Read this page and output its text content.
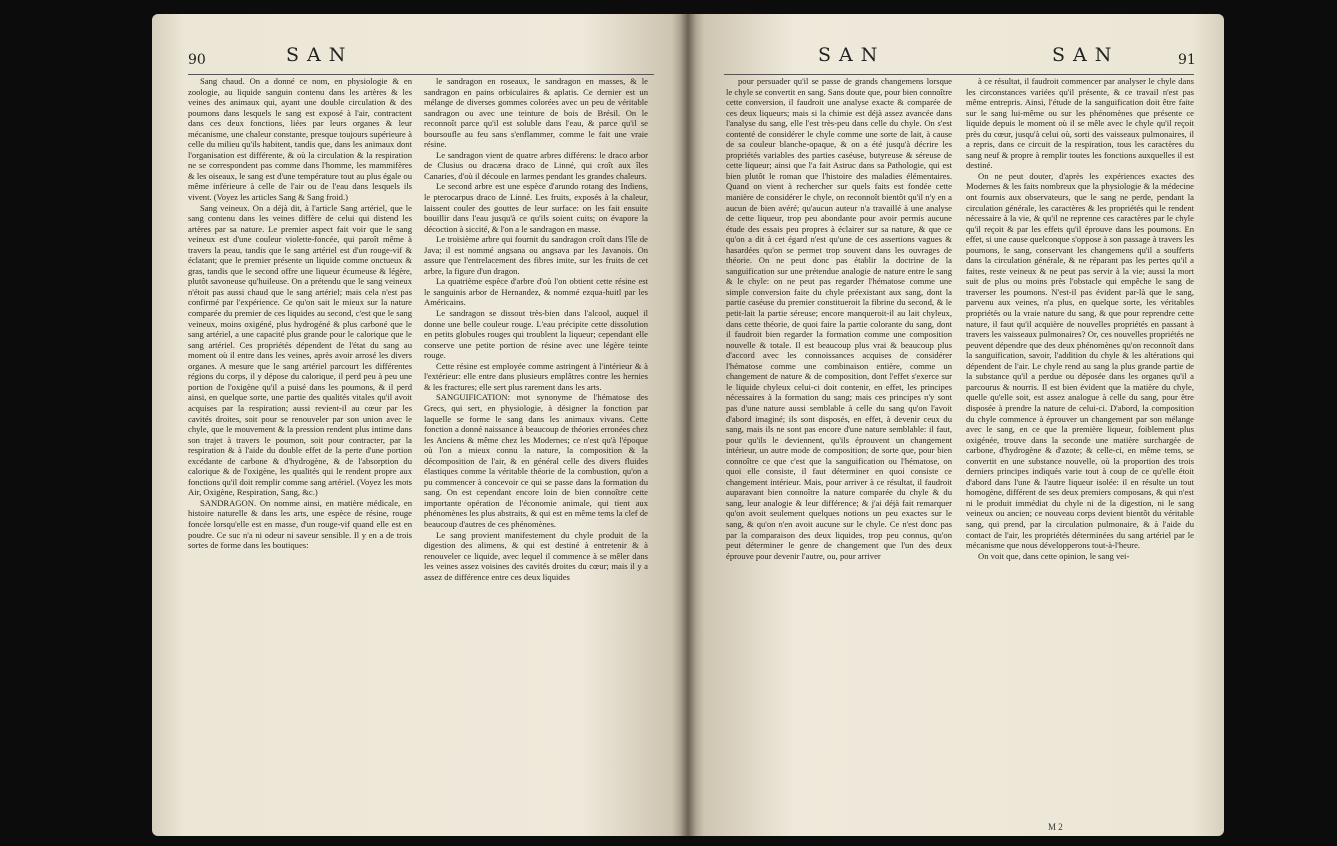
90	SAN

Sang chaud. On a donné ce nom, en physiologie & en zoologie, au liquide sanguin contenu dans les artères & les veines des animaux qui, ayant une double circulation & des poumons dans lesquels le sang est exposé à l'air, contractent dans ces deux fonctions, liées par leurs organes & leur mécanisme, une chaleur constante, presque toujours supérieure à celle du milieu qu'ils habitent, tandis que, dans les animaux dont l'organisation est différente, & où la circulation & la respiration ne se correspondent pas comme dans l'homme, les mammifères & les oiseaux, le sang est d'une température tout au plus égale ou même inférieure à celle de l'air ou de l'eau dans lesquels ils vivent. (Voyez les articles Sang & Sang froid.)

Sang veineux. On a déjà dit, à l'article Sang artériel, que le sang contenu dans les veines diffère de celui qui distend les artères par sa nature. Le premier aspect fait voir que le sang veineux est d'une couleur violette-foncée, qui paroît même à travers la peau, tandis que le sang artériel est d'un rouge-vif & éclatant; que le premier présente un liquide comme onctueux & gras, tandis que le second offre une liqueur écumeuse & légère, plutôt savoneuse qu'huileuse. On a prétendu que le sang veineux n'étoit pas aussi chaud que le sang artériel; mais cela n'est pas confirmé par l'expérience. Ce qu'on sait le mieux sur la nature comparée du premier de ces liquides au second, c'est que le sang veineux, moins oxigéné, plus hydrogéné & plus carboné que le sang artériel, a une capacité plus grande pour le calorique que le sang artériel. Ces propriétés dépendent de l'état du sang au moment où il entre dans les veines, après avoir arrosé les divers organes. A mesure que le sang artériel parcourt les différentes régions du corps, il y dépose du calorique, il perd peu à peu une portion de l'oxigène qu'il a puisé dans les poumons, & il perd ainsi, en quelque sorte, une partie des qualités vitales qu'il avoit acquises par la respiration; aussi revient-il au cœur par les cavités droites, soit pour se renouveler par son union avec le chyle, que le mouvement & la pression rendent plus intime dans son trajet à travers le poumon, soit pour contracter, par la respiration & à l'aide du double effet de la perte d'une portion excédante de carbone & d'hydrogène, & de l'absorption du calorique & de l'oxigène, les qualités qui le rendent propre aux fonctions qu'il doit remplir comme sang artériel. (Voyez les mots Air, Oxigène, Respiration, Sang, &c.)

SANDRAGON. On nomme ainsi, en matière médicale, en histoire naturelle & dans les arts, une espèce de résine, rouge foncée lorsqu'elle est en masse, d'un rouge-vif quand elle est en poudre. Ce suc n'a ni odeur ni saveur sensible. Il y en a de trois sortes de forme dans les boutiques:

le sandragon en roseaux, le sandragon en masses, & le sandragon en pains orbiculaires & aplatis. Ce dernier est un mélange de diverses gommes colorées avec un peu de véritable sandragon ou avec une teinture de bois de Brésil. On le reconnoît parce qu'il est soluble dans l'eau, & parce qu'il se boursoufle au feu sans s'enflammer, comme le fait une vraie résine.

Le sandragon vient de quatre arbres différens: le draco arbor de Clusius ou dracæna draco de Linné, qui croît aux îles Canaries, d'où il découle en larmes pendant les grandes chaleurs.

Le second arbre est une espèce d'arundo rotang des Indiens, le pterocarpus draco de Linné. Les fruits, exposés à la chaleur, laissent couler des gouttes de leur surface: on les fait ensuite bouillir dans l'eau jusqu'à ce qu'ils soient cuits; on évapore la décoction à siccité, & l'on a le sandragon en masse.

Le troisième arbre qui fournit du sandragon croît dans l'île de Java; il est nommé angsana ou angsava par les Javanois. On assure que l'entrelacement des fibres imite, sur les fruits de cet arbre, la figure d'un dragon.

La quatrième espèce d'arbre d'où l'on obtient cette résine est le sanguinis arbor de Hernandez, & nommé ezqua-huitl par les Américains.

Le sandragon se dissout très-bien dans l'alcool, auquel il donne une belle couleur rouge. L'eau précipite cette dissolution en petits globules rouges qui troublent la liqueur; cependant elle conserve une petite portion de résine avec une légère teinte rouge.

Cette résine est employée comme astringent à l'intérieur & à l'extérieur: elle entre dans plusieurs emplâtres contre les hernies & les fractures; elle sert plus rarement dans les arts.

SANGUIFICATION: mot synonyme de l'hématose des Grecs, qui sert, en physiologie, à désigner la fonction par laquelle se forme le sang dans les animaux vivans. Cette fonction a donné naissance à beaucoup de théories erronées chez les Anciens & même chez les Modernes; ce n'est qu'à l'époque où l'on a mieux connu la nature, la composition & la décomposition de l'air, & en général celle des divers fluides élastiques comme la véritable théorie de la combustion, qu'on a pu commencer à concevoir ce qui se passe dans la formation du sang. On est cependant encore loin de bien connoître cette importante opération de l'économie animale, qui tient aux phénomènes les plus abstraits, & qui est en même tems la clef de beaucoup d'autres de ces phénomènes.

Le sang provient manifestement du chyle produit de la digestion des alimens, & qui est destiné à entretenir & à renouveler ce liquide, avec lequel il commence à se mêler dans les veines assez voisines des cavités droites du cœur; mais il y a assez de différence entre ces deux liquides

SAN	SAN	91

pour persuader qu'il se passe de grands changemens lorsque le chyle se convertit en sang. Sans doute que, pour bien connoître cette conversion, il faudroit une analyse exacte & comparée de ces deux liqueurs; mais si la chimie est déjà assez avancée dans l'analyse du sang, elle l'est très-peu dans celle du chyle. On s'est contenté de considérer le chyle comme une sorte de lait, à cause de sa couleur blanche-opaque, & on a été jusqu'à décrire les propriétés variables des parties caséuse, butyreuse & séreuse de cette liqueur; ainsi que l'a fait Astruc dans sa Pathologie, qui est bien plutôt le roman que l'histoire des maladies élémentaires. Quand on vient à rechercher sur quels faits est fondée cette manière de considérer le chyle, on reconnoît bientôt qu'il n'y en a aucun de bien avéré; qu'aucun auteur n'a travaillé à une analyse de cette liqueur, trop peu abondante pour avoir permis aucune étude des essais peu propres à éclairer sur sa nature, & que ce qu'on a dit à cet égard n'est qu'une de ces assertions vagues & hasardées qu'on se permet trop souvent dans les ouvrages de théorie. On ne peut donc pas établir la doctrine de la sanguification sur une prétendue analogie de nature entre le sang & le chyle: on ne peut pas regarder l'hématose comme une simple conversion faite du chyle préexistant aux sang, dont la partie caséuse du premier constitueroit la fibrine du second, & le petit-lait la partie séreuse; encore manqueroit-il au lait chyleux, dans cette théorie, de quoi faire la partie colorante du sang, dont il faudroit bien regarder la formation comme une composition nouvelle & totale. Il est beaucoup plus vrai & beaucoup plus d'accord avec les connoissances acquises de considérer l'hématose comme une combinaison entière, comme un changement de nature & de composition, dont l'effet s'exerce sur le liquide chyleux celui-ci doit contenir, en effet, les principes nécessaires à la formation du sang; mais ces principes n'y sont pas d'une nature aussi semblable à celle du sang qu'on l'avoit d'abord imaginé; ils sont disposés, en effet, à devenir ceux du sang, mais ils ne sont pas encore d'une nature semblable: il faut, pour qu'ils le deviennent, qu'ils éprouvent un changement intérieur, un autre mode de composition; de sorte que, pour bien connoître ce que c'est que la sanguification ou l'hématose, on quoi elle consiste, il faut déterminer en quoi consiste ce changement intérieur. Mais, pour arriver à ce résultat, il faudroit auparavant bien connoître la nature comparée du chyle & du sang, leur analogie & leur différence; & j'ai déjà fait remarquer qu'on avoit seulement quelques notions un peu exactes sur le sang, & qu'on n'en avoit aucune sur le chyle. Ce n'est donc pas par la comparaison des deux liquides, trop peu connus, qu'on peut déterminer le genre de changement que l'un des deux éprouve pour devenir l'autre, ou, pour arriver

à ce résultat, il faudroit commencer par analyser le chyle dans les circonstances variées qu'il présente, & ce travail n'est pas même entrepris. Ainsi, l'étude de la sanguification doit être faite sur le sang lui-même ou sur les phénomènes que présente ce liquide depuis le moment où il se mêle avec le chyle qu'il reçoit près du cœur, jusqu'à celui où, sorti des vaisseaux pulmonaires, il a repris, dans ce circuit de la respiration, tous les caractères du sang neuf & propre à remplir toutes les fonctions auxquelles il est destiné.

On ne peut douter, d'après les expériences exactes des Modernes & les faits nombreux que la physiologie & la médecine ont fournis aux observateurs, que le sang ne perde, pendant la circulation générale, les caractères & les propriétés qui le rendent nécessaire à la vie, & qu'il ne reprenne ces caractères par le chyle qu'il reçoit & par les effets qu'il éprouve dans les poumons. En effet, si une cause quelconque s'oppose à son passage à travers les poumons, le sang, conservant les changemens qu'il a soufferts dans la circulation générale, & ne réparant pas les pertes qu'il a faites, reste veineux & ne peut pas servir à la vie; aussi la mort suit de plus ou moins près l'obstacle qui empêche le sang de traverser les poumons. N'est-il pas évident par-là que le sang, parvenu aux veines, n'a plus, en quelque sorte, les véritables propriétés ou la vraie nature du sang, & que pour reprendre cette nature, il faut qu'il acquière de nouvelles propriétés en passant à travers les vaisseaux pulmonaires? Or, ces nouvelles propriétés ne peuvent dépendre que des deux phénomènes qu'on reconnoît dans la sanguification, savoir, l'addition du chyle & les altérations qui dépendent de l'air. Le chyle rend au sang la plus grande partie de la substance qu'il a perdue ou déposée dans les organes qu'il a parcourus & nourris. Il est bien évident que la matière du chyle, quelle qu'elle soit, est assez analogue à celle du sang, pour être disposée à prendre la nature de celui-ci. D'abord, la composition du chyle commence à éprouver un changement par son mélange avec le sang, en ce que la première liqueur, foiblement plus oxigénée, trouve dans la seconde une matière surchargée de carbone, d'hydrogène & d'azote; & celle-ci, en même tems, se convertit en une substance nouvelle, où la proportion des trois derniers principes indiqués varie tout à coup de ce qu'elle étoit d'abord dans l'une & l'autre liqueur isolée: il en résulte un tout homogène, différent de ses deux premiers composans, & qui n'est ni le produit immédiat du chyle ni de la digestion, ni le sang veineux ou ancien; ce nouveau corps devient bientôt du véritable sang, qui prend, par la circulation pulmonaire, & à l'aide du contact de l'air, les propriétés déterminées du sang artériel par le mécanisme que nous développerons tout-à-l'heure.

On voit que, dans cette opinion, le sang vei-

M 2
